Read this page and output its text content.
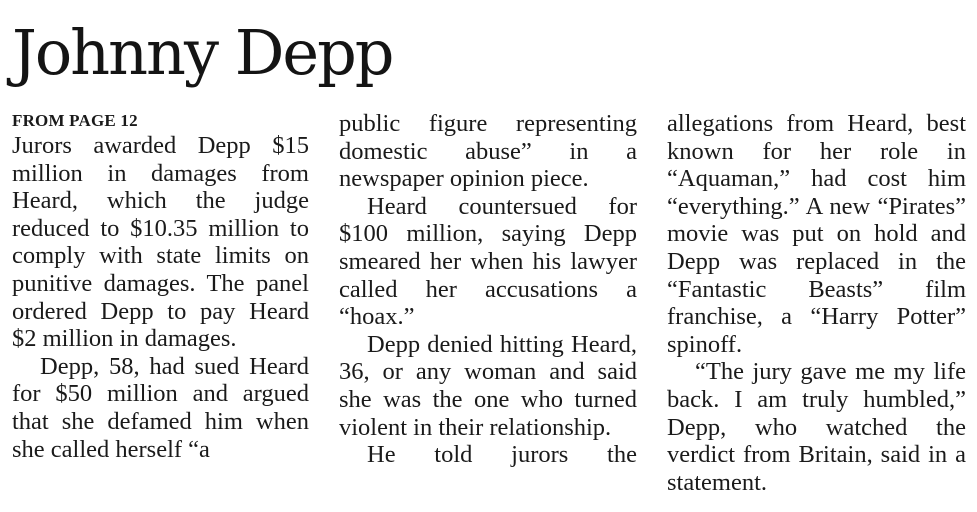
Johnny Depp
FROM PAGE 12

Jurors awarded Depp $15 million in damages from Heard, which the judge reduced to $10.35 million to comply with state limits on punitive damages. The panel ordered Depp to pay Heard $2 million in damages.

Depp, 58, had sued Heard for $50 million and argued that she defamed him when she called herself “a

public figure representing domestic abuse” in a newspaper opinion piece.

Heard countersued for $100 million, saying Depp smeared her when his lawyer called her accusations a “hoax.”

Depp denied hitting Heard, 36, or any woman and said she was the one who turned violent in their relationship.

He told jurors the

allegations from Heard, best known for her role in “Aquaman,” had cost him “everything.” A new “Pirates” movie was put on hold and Depp was replaced in the “Fantastic Beasts” film franchise, a “Harry Potter” spinoff.

“The jury gave me my life back. I am truly humbled,” Depp, who watched the verdict from Britain, said in a statement.
